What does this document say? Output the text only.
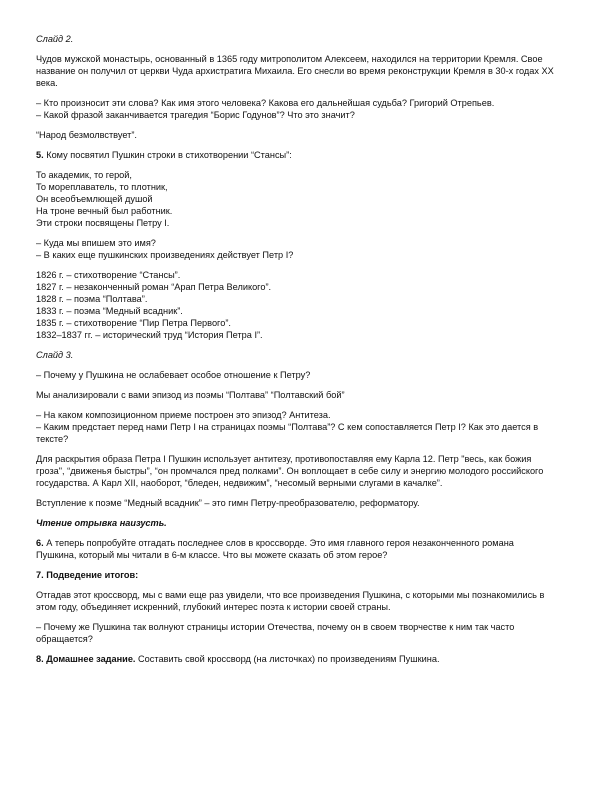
Слайд 2.

Чудов мужской монастырь, основанный в 1365 году митрополитом Алексеем, находился на территории Кремля. Свое название он получил от церкви Чуда архистратига Михаила. Его снесли во время реконструкции Кремля в 30-х годах XX века.

– Кто произносит эти слова? Как имя этого человека? Какова его дальнейшая судьба? Григорий Отрепьев.

– Какой фразой заканчивается трагедия “Борис Годунов”? Что это значит?

“Народ безмолвствует”.

5. Кому посвятил Пушкин строки в стихотворении “Стансы”:

То академик, то герой,
То мореплаватель, то плотник,
Он всеобъемлющей душой
На троне вечный был работник.
Эти строки посвящены Петру I.

– Куда мы впишем это имя?

– В каких еще пушкинских произведениях действует Петр I?

1826 г. – стихотворение “Стансы”.
1827 г. – незаконченный роман “Арап Петра Великого”.
1828 г. – поэма “Полтава”.
1833 г. – поэма “Медный всадник”.
1835 г. – стихотворение “Пир Петра Первого”.
1832–1837 гг. – исторический труд “История Петра I”.

Слайд 3.

– Почему у Пушкина не ослабевает особое отношение к Петру?

Мы анализировали с вами эпизод из поэмы “Полтава” “Полтавский бой”

– На каком композиционном приеме построен это эпизод? Антитеза.

– Каким предстает перед нами Петр I на страницах поэмы “Полтава”? С кем сопоставляется Петр I? Как это дается в тексте?

Для раскрытия образа Петра I Пушкин использует антитезу, противопоставляя ему Карла 12. Петр "весь, как божия гроза", “движенья быстры”, “он промчался пред полками”. Он воплощает в себе силу и энергию молодого российского государства. А Карл XII, наоборот, “бледен, недвижим”, “несомый верными слугами в качалке”.

Вступление к поэме “Медный всадник” – это гимн Петру-преобразователю, реформатору.

Чтение отрывка наизусть.

6. А теперь попробуйте отгадать последнее слов в кроссворде. Это имя главного героя незаконченного романа Пушкина, который мы читали в 6-м классе. Что вы можете сказать об этом герое?

7. Подведение итогов:

Отгадав этот кроссворд, мы с вами еще раз увидели, что все произведения Пушкина, с которыми мы познакомились в этом году, объединяет искренний, глубокий интерес поэта к истории своей страны.

– Почему же Пушкина так волнуют страницы истории Отечества, почему он в своем творчестве к ним так часто обращается?

8. Домашнее задание. Составить свой кроссворд (на листочках) по произведениям Пушкина.
